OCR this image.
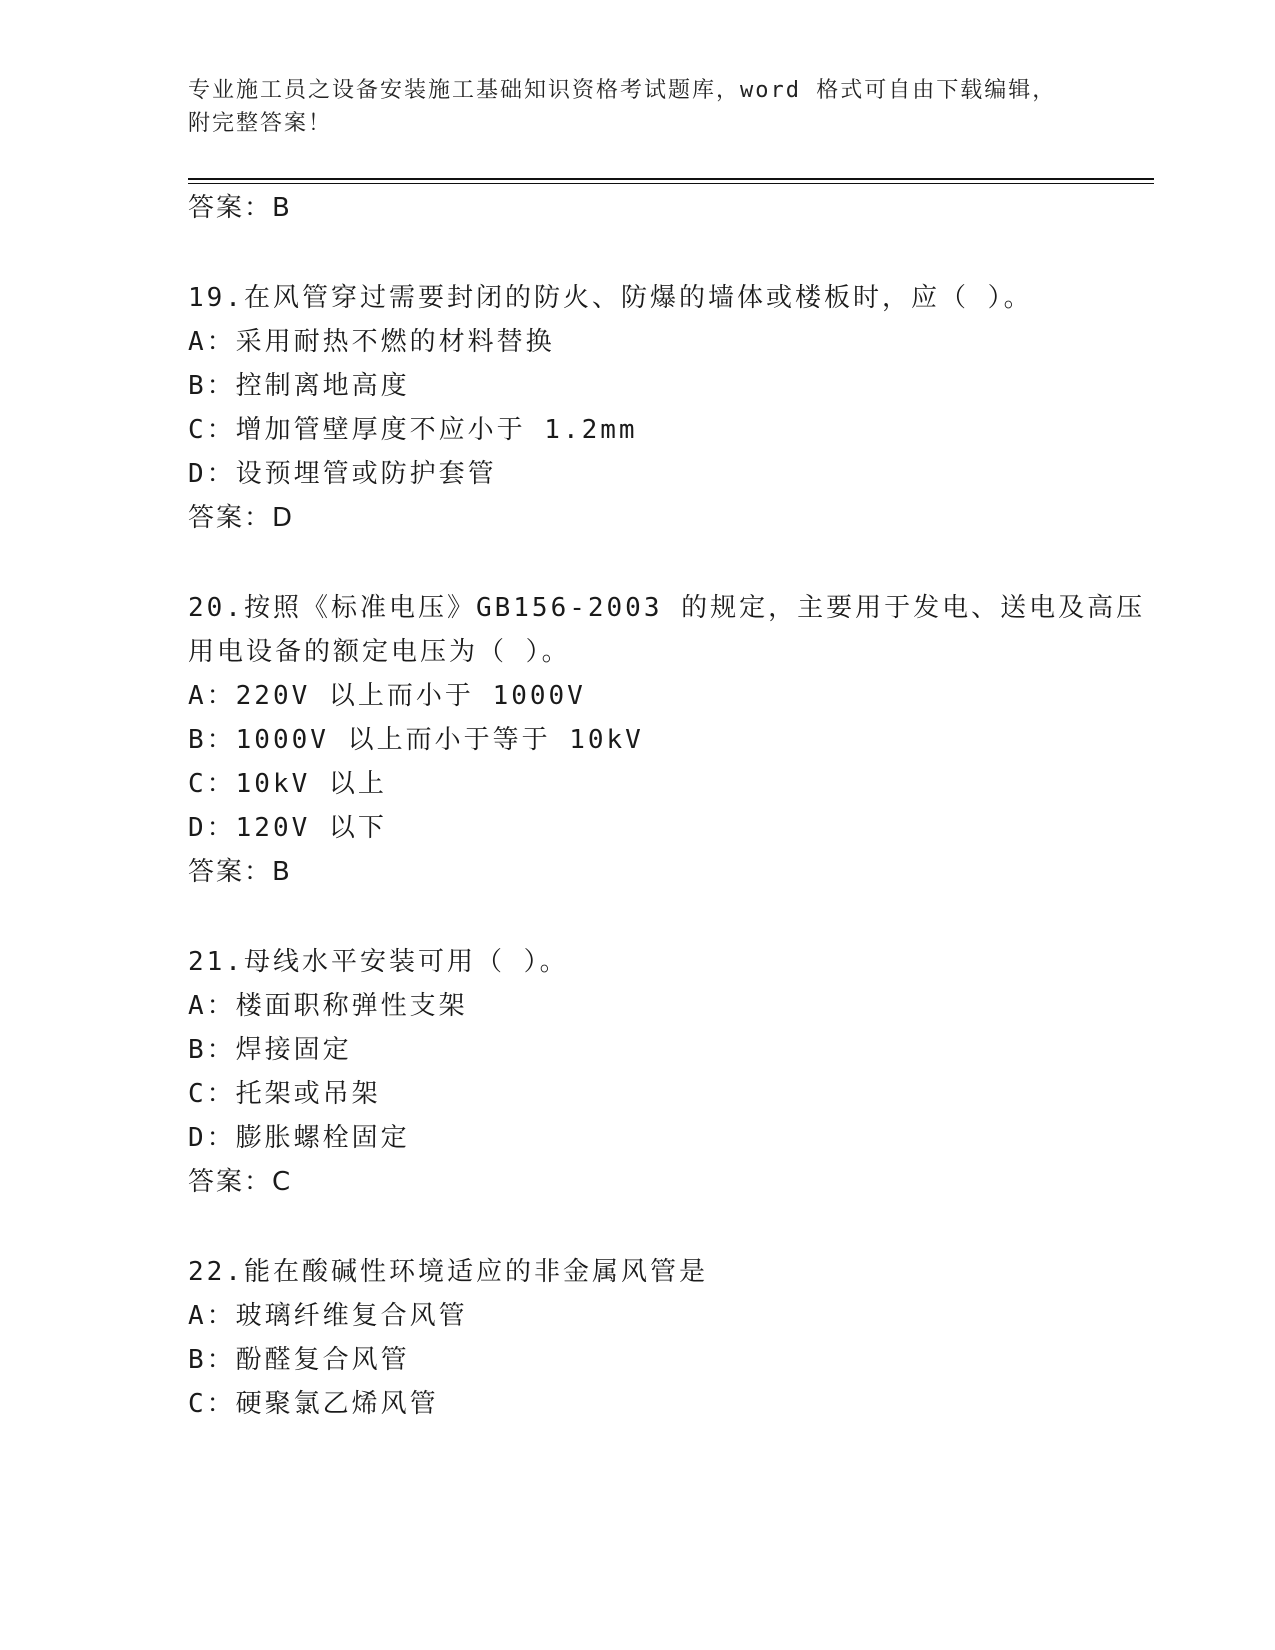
专业施工员之设备安装施工基础知识资格考试题库，word 格式可自由下载编辑，
附完整答案！
答案：B
19.在风管穿过需要封闭的防火、防爆的墙体或楼板时，应（ ）。
A：采用耐热不燃的材料替换
B：控制离地高度
C：增加管壁厚度不应小于 1.2mm
D：设预埋管或防护套管
答案：D
20.按照《标准电压》GB156-2003 的规定，主要用于发电、送电及高压
用电设备的额定电压为（ ）。
A：220V 以上而小于 1000V
B：1000V 以上而小于等于 10kV
C：10kV 以上
D：120V 以下
答案：B
21.母线水平安装可用（ ）。
A：楼面职称弹性支架
B：焊接固定
C：托架或吊架
D：膨胀螺栓固定
答案：C
22.能在酸碱性环境适应的非金属风管是
A：玻璃纤维复合风管
B：酚醛复合风管
C：硬聚氯乙烯风管
